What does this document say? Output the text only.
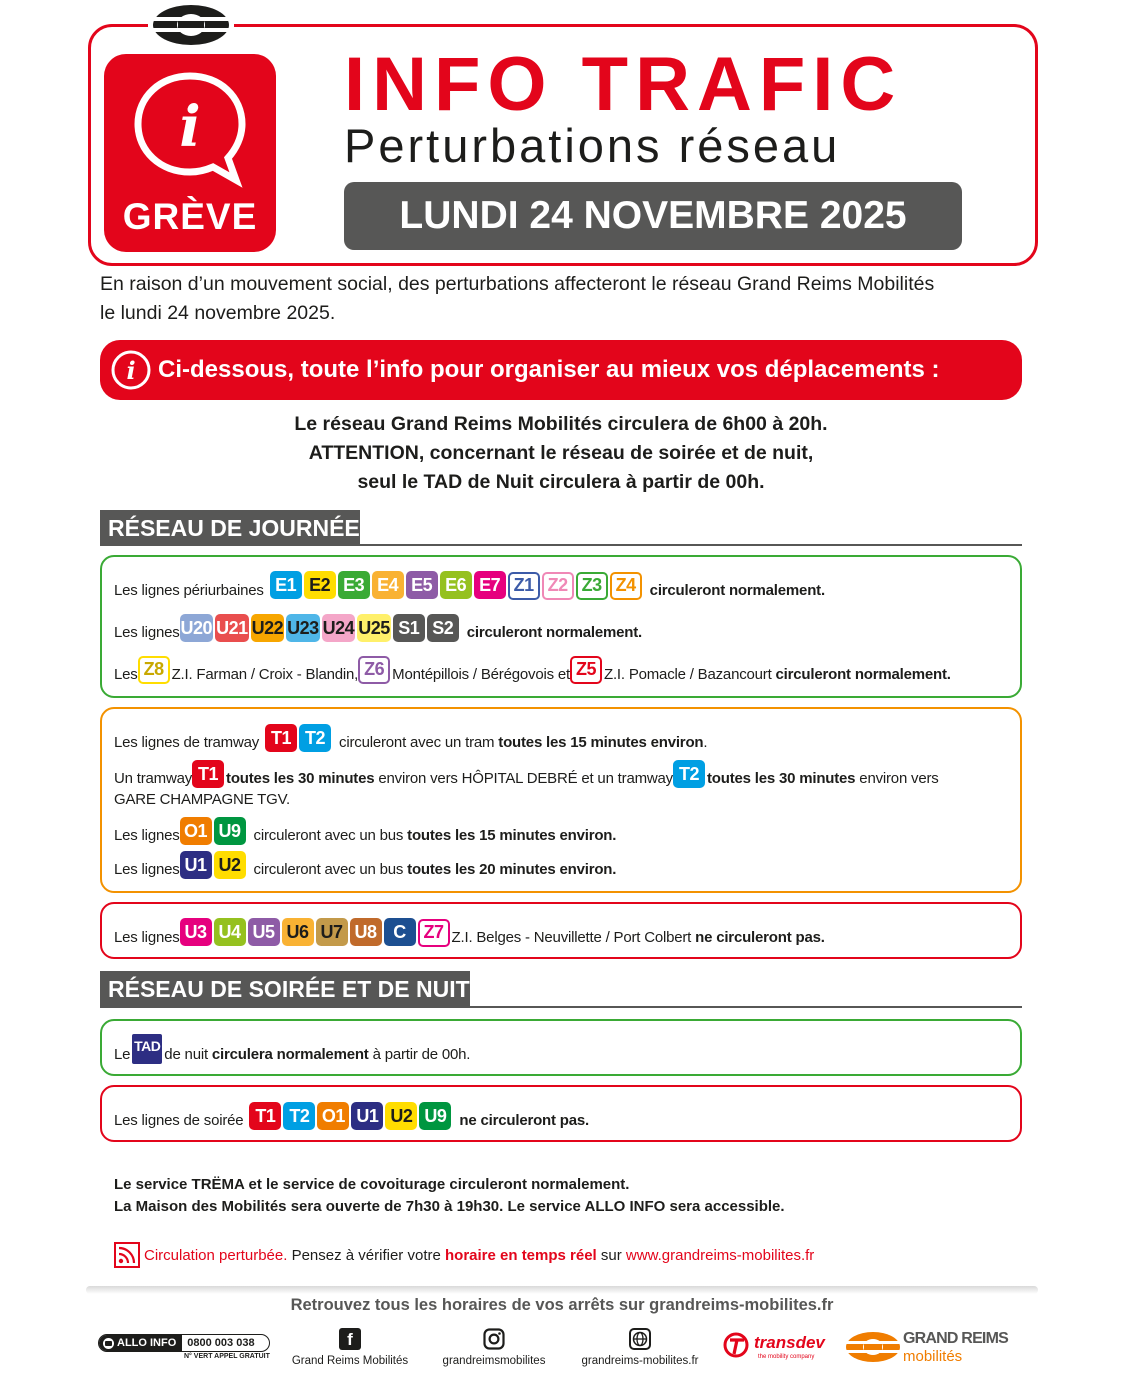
i
GRÈVE
INFO TRAFIC
Perturbations réseau
LUNDI 24 NOVEMBRE 2025
En raison d’un mouvement social, des perturbations affecteront le réseau Grand Reims Mobilités
le lundi 24 novembre 2025.
i Ci-dessous, toute l’info pour organiser au mieux vos déplacements :
Le réseau Grand Reims Mobilités circulera de 6h00 à 20h.
ATTENTION, concernant le réseau de soirée et de nuit,
seul le TAD de Nuit circulera à partir de 00h.
RÉSEAU DE JOURNÉE
Les lignes périurbaines E1 E2 E3 E4 E5 E6 E7 Z1 Z2 Z3 Z4 circuleront normalement.
Les lignes U20 U21 U22 U23 U24 U25 S1 S2 circuleront normalement.
Les Z8 Z.I. Farman / Croix - Blandin, Z6 Montépillois / Bérégovois et Z5 Z.I. Pomacle / Bazancourt
circuleront normalement.
Les lignes de tramway T1 T2 circuleront avec un tram
toutes les 15 minutes environ .
Un tramway T1 toutes les 30 minutes
environ vers HÔPITAL DEBRÉ et un tramway T2 toutes les 30 minutes
environ vers
GARE CHAMPAGNE TGV.
Les lignes O1 U9 circuleront avec un bus
toutes les 15 minutes environ.
Les lignes U1 U2 circuleront avec un bus
toutes les 20 minutes environ.
Les lignes U3 U4 U5 U6 U7 U8 C Z7 Z.I. Belges - Neuvillette / Port Colbert
ne circuleront pas.
RÉSEAU DE SOIRÉE ET DE NUIT
Le TAD de nuit
circulera normalement
à partir de 00h.
Les lignes de soirée T1 T2 O1 U1 U2 U9 ne circuleront pas.
Le service TRËMA et le service de covoiturage circuleront normalement.
La Maison des Mobilités sera ouverte de 7h30 à 19h30. Le service ALLO INFO sera accessible.
Circulation perturbée. Pensez à vérifier votre horaire en temps réel sur www.grandreims-mobilites.fr
Retrouvez tous les horaires de vos arrêts sur grandreims-mobilites.fr
ALLO INFO	0800 003 038
N° VERT APPEL GRATUIT
f
Grand Reims Mobilités	grandreimsmobilites	grandreims-mobilites.fr
transdev
the mobility company
GRAND REIMS
mobilités
